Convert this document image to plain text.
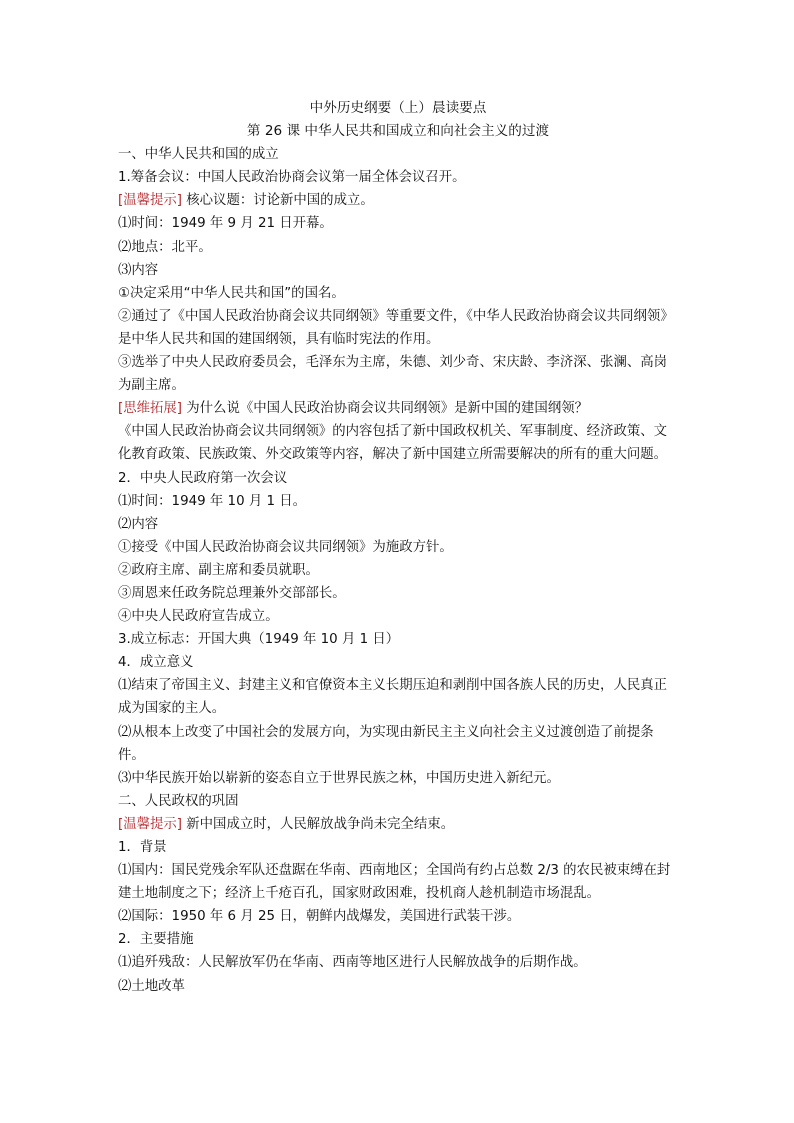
中外历史纲要（上）晨读要点

第 26 课 中华人民共和国成立和向社会主义的过渡

一、中华人民共和国的成立

1.筹备会议：中国人民政治协商会议第一届全体会议召开。

[温馨提示] 核心议题：讨论新中国的成立。

⑴时间：1949 年 9 月 21 日开幕。

⑵地点：北平。

⑶内容

①决定采用“中华人民共和国”的国名。

②通过了《中国人民政治协商会议共同纲领》等重要文件，《中华人民政治协商会议共同纲领》是中华人民共和国的建国纲领，具有临时宪法的作用。

③选举了中央人民政府委员会，毛泽东为主席，朱德、刘少奇、宋庆龄、李济深、张澜、高岗为副主席。

[思维拓展] 为什么说《中国人民政治协商会议共同纲领》是新中国的建国纲领？

《中国人民政治协商会议共同纲领》的内容包括了新中国政权机关、军事制度、经济政策、文化教育政策、民族政策、外交政策等内容，解决了新中国建立所需要解决的所有的重大问题。

2．中央人民政府第一次会议

⑴时间：1949 年 10 月 1 日。

⑵内容

①接受《中国人民政治协商会议共同纲领》为施政方针。

②政府主席、副主席和委员就职。

③周恩来任政务院总理兼外交部部长。

④中央人民政府宣告成立。

3.成立标志：开国大典（1949 年 10 月 1 日）

4．成立意义

⑴结束了帝国主义、封建主义和官僚资本主义长期压迫和剥削中国各族人民的历史，人民真正成为国家的主人。

⑵从根本上改变了中国社会的发展方向，为实现由新民主主义向社会主义过渡创造了前提条件。

⑶中华民族开始以崭新的姿态自立于世界民族之林，中国历史进入新纪元。

二、人民政权的巩固

[温馨提示] 新中国成立时，人民解放战争尚未完全结束。

1．背景

⑴国内：国民党残余军队还盘踞在华南、西南地区；全国尚有约占总数 2/3 的农民被束缚在封建土地制度之下；经济上千疮百孔，国家财政困难，投机商人趁机制造市场混乱。

⑵国际：1950 年 6 月 25 日，朝鲜内战爆发，美国进行武装干涉。

2．主要措施

⑴追歼残敌：人民解放军仍在华南、西南等地区进行人民解放战争的后期作战。

⑵土地改革
